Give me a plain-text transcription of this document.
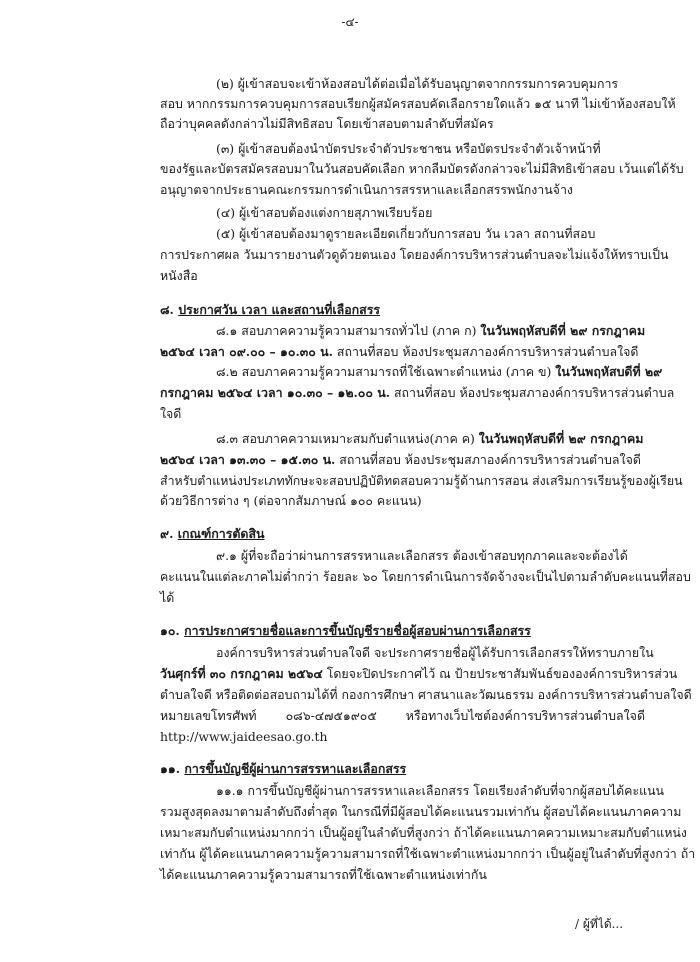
-๔-
(๒) ผู้เข้าสอบจะเข้าห้องสอบได้ต่อเมื่อได้รับอนุญาตจากกรรมการควบคุมการ
สอบ หากกรรมการควบคุมการสอบเรียกผู้สมัครสอบคัดเลือกรายใดแล้ว ๑๕ นาที ไม่เข้าห้องสอบให้
ถือว่าบุคคลดังกล่าวไม่มีสิทธิสอบ โดยเข้าสอบตามลำดับที่สมัคร
(๓) ผู้เข้าสอบต้องนำบัตรประจำตัวประชาชน หรือบัตรประจำตัวเจ้าหน้าที่
ของรัฐและบัตรสมัครสอบมาในวันสอบคัดเลือก หากลืมบัตรดังกล่าวจะไม่มีสิทธิเข้าสอบ เว้นแต่ได้รับ
อนุญาตจากประธานคณะกรรมการดำเนินการสรรหาและเลือกสรรพนักงานจ้าง
(๔) ผู้เข้าสอบต้องแต่งกายสุภาพเรียบร้อย
(๕) ผู้เข้าสอบต้องมาดูรายละเอียดเกี่ยวกับการสอบ วัน เวลา สถานที่สอบ
การประกาศผล วันมารายงานตัวดูด้วยตนเอง โดยองค์การบริหารส่วนตำบลจะไม่แจ้งให้ทราบเป็น
หนังสือ
๘. ประกาศวัน เวลา และสถานที่เลือกสรร
๘.๑ สอบภาคความรู้ความสามารถทั่วไป (ภาค ก) ในวันพฤหัสบดีที่ ๒๙ กรกฎาคม
๒๕๖๔ เวลา ๐๙.๐๐ – ๑๐.๓๐ น. สถานที่สอบ ห้องประชุมสภาองค์การบริหารส่วนตำบลใจดี
๘.๒ สอบภาคความรู้ความสามารถที่ใช้เฉพาะตำแหน่ง (ภาค ข) ในวันพฤหัสบดีที่ ๒๙
กรกฎาคม ๒๕๖๔ เวลา ๑๐.๓๐ – ๑๒.๐๐ น. สถานที่สอบ ห้องประชุมสภาองค์การบริหารส่วนตำบล
ใจดี
๘.๓ สอบภาคความเหมาะสมกับตำแหน่ง(ภาค ค) ในวันพฤหัสบดีที่ ๒๙ กรกฎาคม
๒๕๖๔ เวลา ๑๓.๓๐ – ๑๕.๓๐ น. สถานที่สอบ ห้องประชุมสภาองค์การบริหารส่วนตำบลใจดี
สำหรับตำแหน่งประเภททักษะจะสอบปฏิบัติทดสอบความรู้ด้านการสอน ส่งเสริมการเรียนรู้ของผู้เรียน
ด้วยวิธีการต่าง ๆ (ต่อจากสัมภาษณ์ ๑๐๐ คะแนน)
๙. เกณฑ์การตัดสิน
๙.๑ ผู้ที่จะถือว่าผ่านการสรรหาและเลือกสรร ต้องเข้าสอบทุกภาคและจะต้องได้
คะแนนในแต่ละภาคไม่ต่ำกว่า ร้อยละ ๖๐ โดยการดำเนินการจัดจ้างจะเป็นไปตามลำดับคะแนนที่สอบ
ได้
๑๐. การประกาศรายชื่อและการขึ้นบัญชีรายชื่อผู้สอบผ่านการเลือกสรร
องค์การบริหารส่วนตำบลใจดี จะประกาศรายชื่อผู้ได้รับการเลือกสรรให้ทราบภายใน
วันศุกร์ที่ ๓๐ กรกฎาคม ๒๕๖๔ โดยจะปิดประกาศไว้ ณ ป้ายประชาสัมพันธ์ขององค์การบริหารส่วน
ตำบลใจดี หรือติดต่อสอบถามได้ที่ กองการศึกษา ศาสนาและวัฒนธรรม องค์การบริหารส่วนตำบลใจดี
หมายเลขโทรศัพท์ ๐๘๖-๔๗๕๑๙๐๕ หรือทางเว็บไซต์องค์การบริหารส่วนตำบลใจดี
http://www.jaideesao.go.th
๑๑. การขึ้นบัญชีผู้ผ่านการสรรหาและเลือกสรร
๑๑.๑ การขึ้นบัญชีผู้ผ่านการสรรหาและเลือกสรร โดยเรียงลำดับที่จากผู้สอบได้คะแนน
รวมสูงสุดลงมาตามลำดับถึงต่ำสุด ในกรณีที่มีผู้สอบได้คะแนนรวมเท่ากัน ผู้สอบได้คะแนนภาคความ
เหมาะสมกับตำแหน่งมากกว่า เป็นผู้อยู่ในลำดับที่สูงกว่า ถ้าได้คะแนนภาคความเหมาะสมกับตำแหน่ง
เท่ากัน ผู้ได้คะแนนภาคความรู้ความสามารถที่ใช้เฉพาะตำแหน่งมากกว่า เป็นผู้อยู่ในลำดับที่สูงกว่า ถ้า
ได้คะแนนภาคความรู้ความสามารถที่ใช้เฉพาะตำแหน่งเท่ากัน
/ ผู้ที่ได้...
